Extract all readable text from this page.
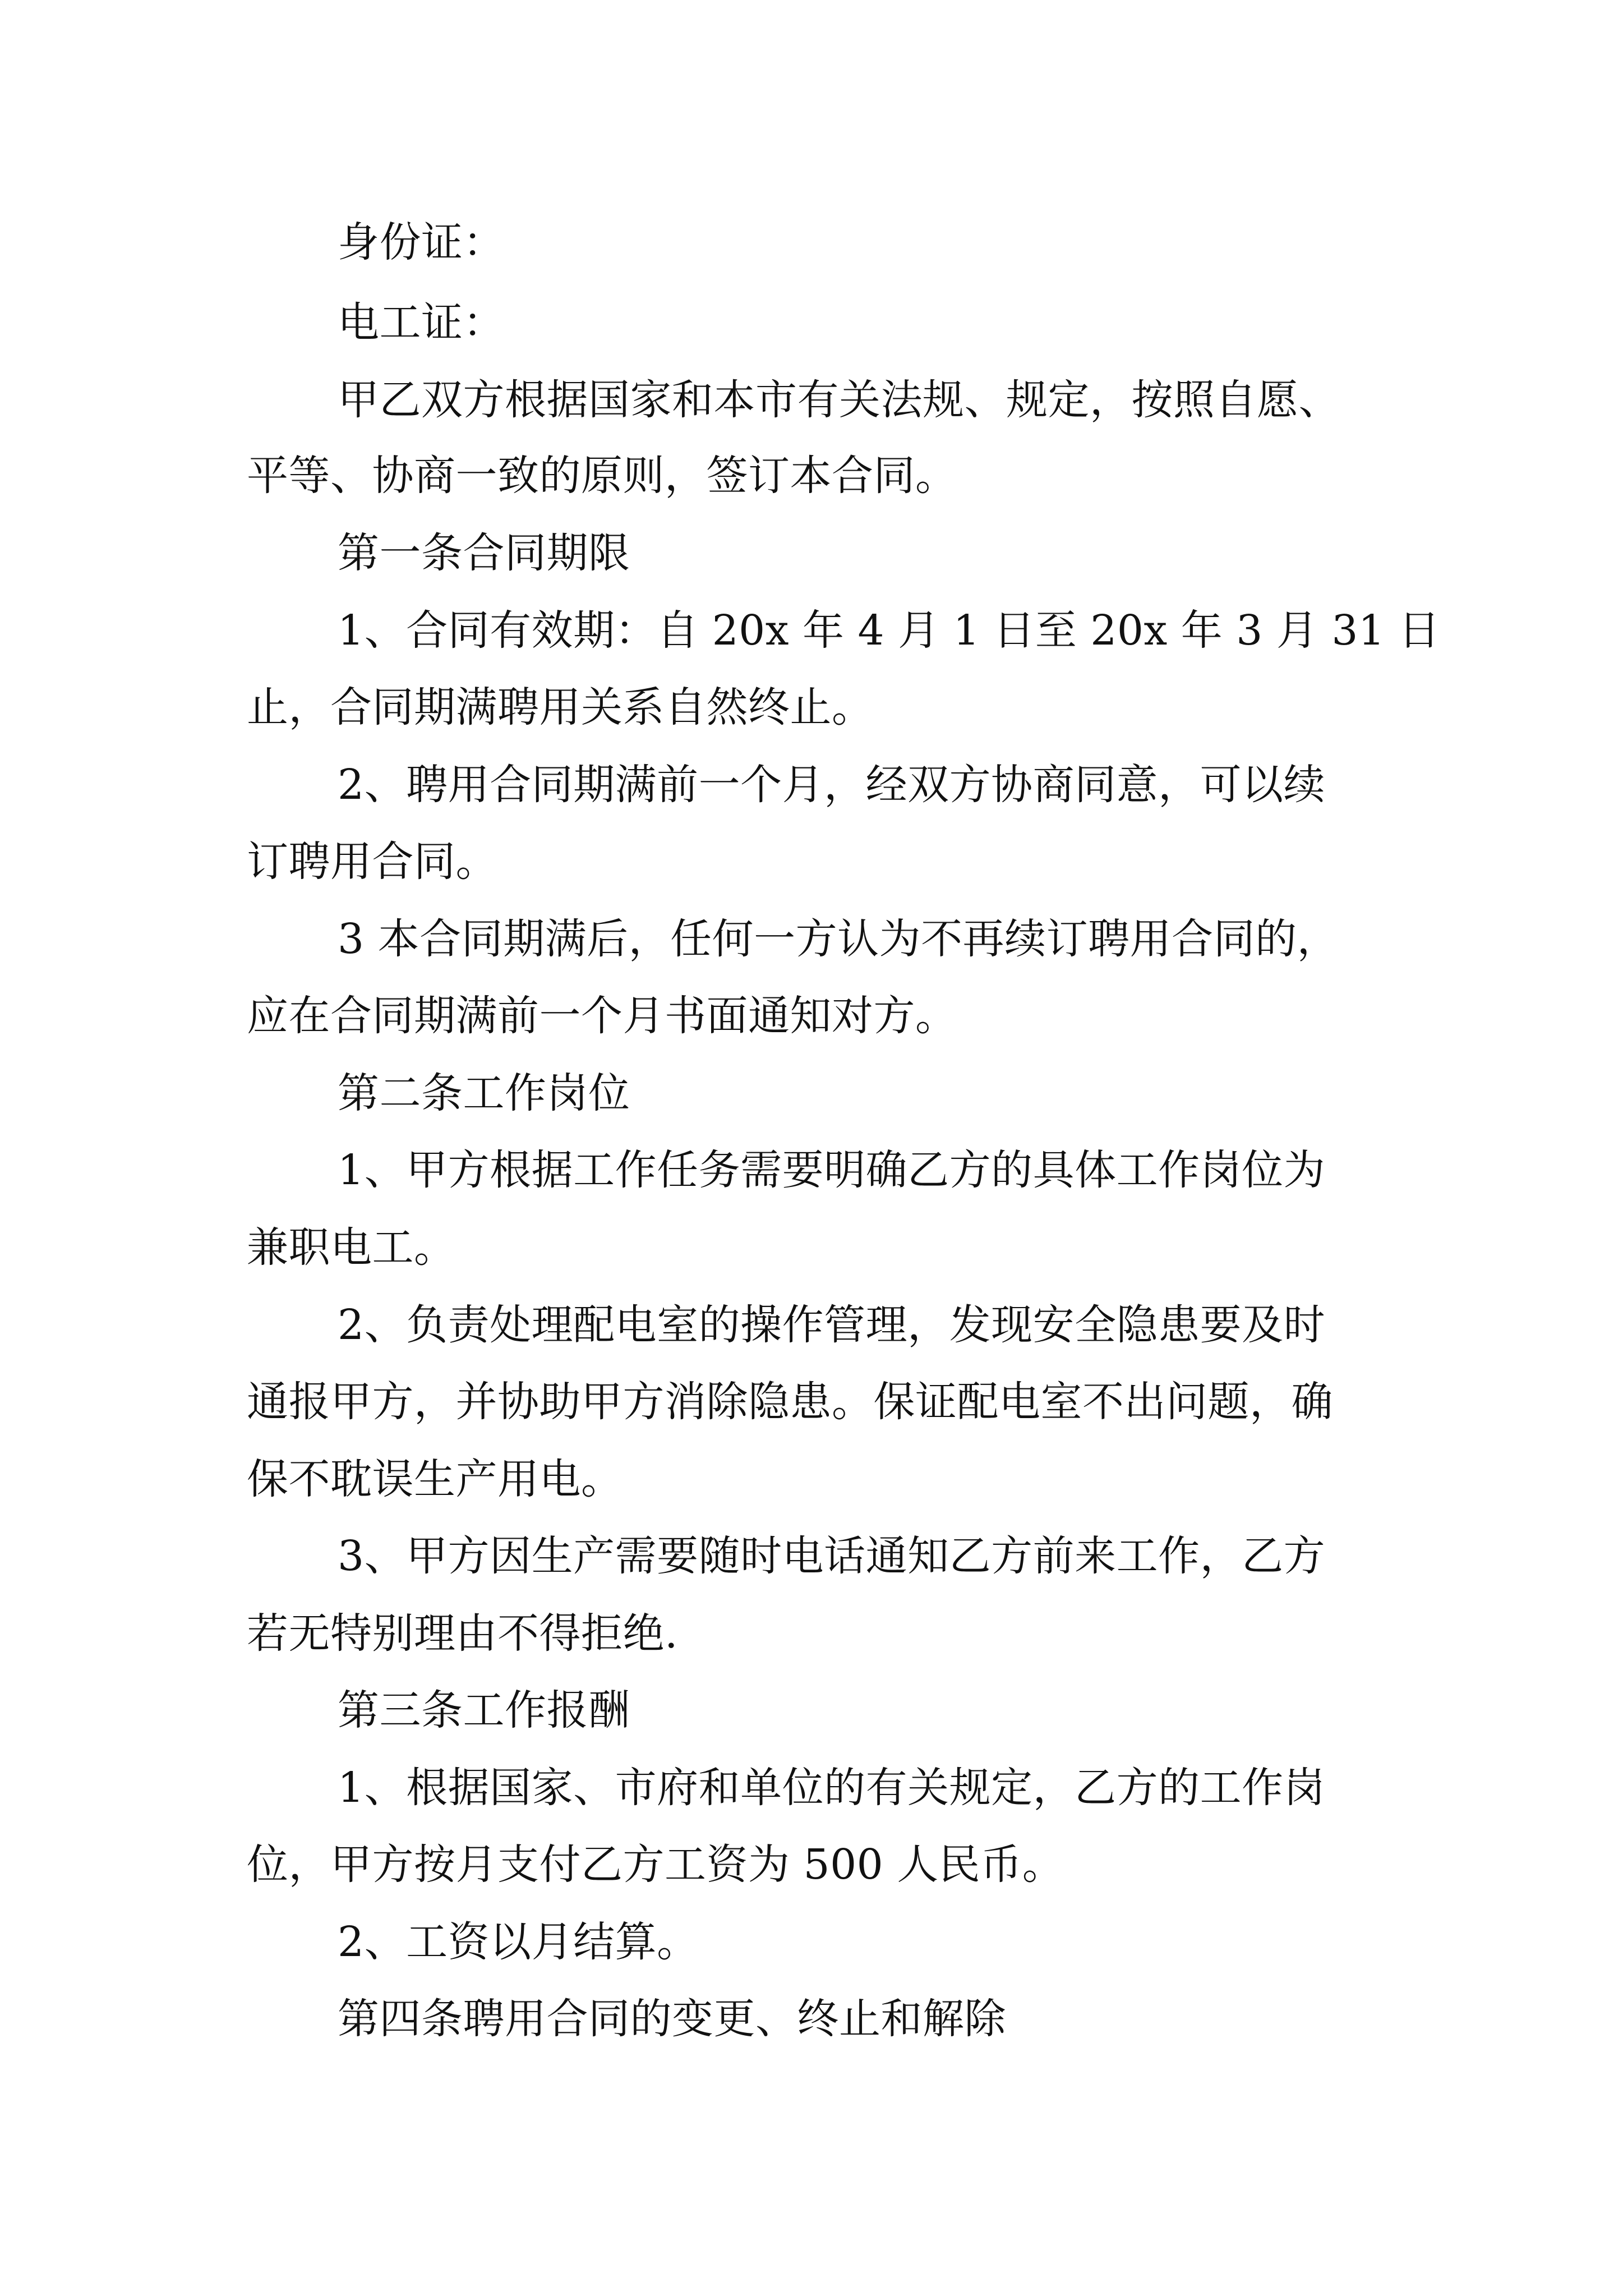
身份证：

电工证：

甲乙双方根据国家和本市有关法规、规定，按照自愿、

平等、协商一致的原则，签订本合同。

第一条合同期限

1、合同有效期：自 20x 年 4 月 1 日至 20x 年 3 月 31 日

止，合同期满聘用关系自然终止。

2、聘用合同期满前一个月，经双方协商同意，可以续

订聘用合同。

3 本合同期满后，任何一方认为不再续订聘用合同的，

应在合同期满前一个月书面通知对方。

第二条工作岗位

1、甲方根据工作任务需要明确乙方的具体工作岗位为

兼职电工。

2、负责处理配电室的操作管理，发现安全隐患要及时

通报甲方，并协助甲方消除隐患。保证配电室不出问题，确

保不耽误生产用电。

3、甲方因生产需要随时电话通知乙方前来工作，乙方

若无特别理由不得拒绝.

第三条工作报酬

1、根据国家、市府和单位的有关规定，乙方的工作岗

位，甲方按月支付乙方工资为 500 人民币。

2、工资以月结算。

第四条聘用合同的变更、终止和解除
